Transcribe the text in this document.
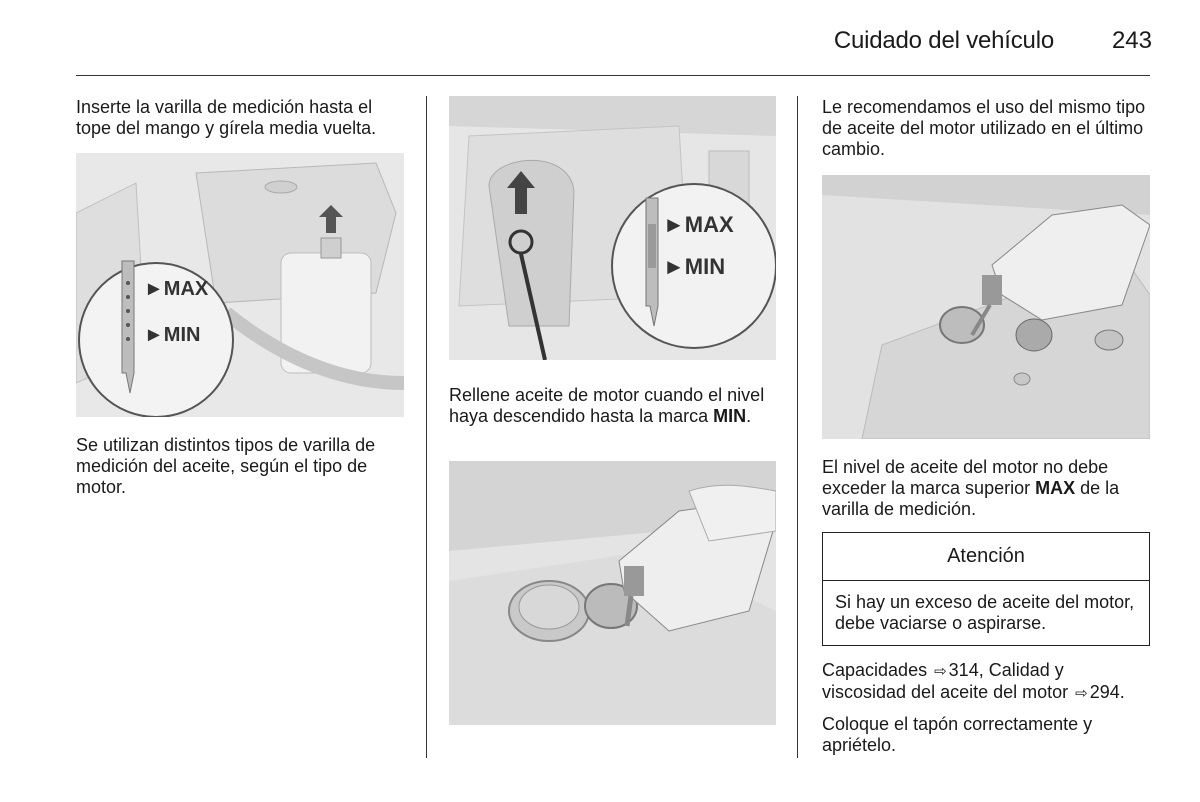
Cuidado del vehículo 243

Inserte la varilla de medición hasta el tope del mango y gírela media vuelta.

►MAX
►MIN

Se utilizan distintos tipos de varilla de medición del aceite, según el tipo de motor.

►MAX
►MIN

Rellene aceite de motor cuando el nivel haya descendido hasta la marca MIN.

Le recomendamos el uso del mismo tipo de aceite del motor utilizado en el último cambio.

El nivel de aceite del motor no debe exceder la marca superior MAX de la varilla de medición.

Atención
Si hay un exceso de aceite del motor, debe vaciarse o aspirarse.

Capacidades ⇨ 314, Calidad y viscosidad del aceite del motor ⇨ 294.

Coloque el tapón correctamente y apriételo.
